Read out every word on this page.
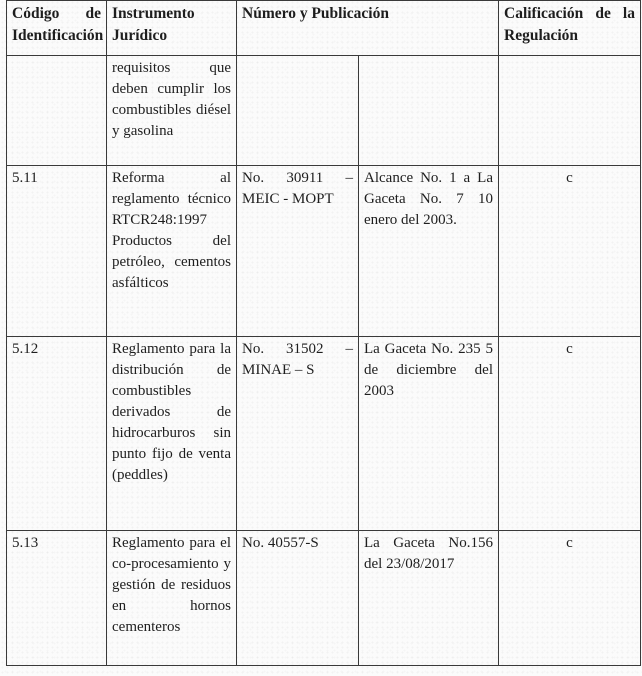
Código de Identificación	Instrumento Jurídico	Número y Publicación		Calificación de la Regulación
	requisitos que deben cumplir los combustibles diésel y gasolina			
5.11	Reforma al reglamento técnico RTCR248:1997 Productos del petróleo, cementos asfálticos	No. 30911 – MEIC - MOPT	Alcance No. 1 a La Gaceta No. 7 10 enero del 2003.	c
5.12	Reglamento para la distribución de combustibles derivados de hidrocarburos sin punto fijo de venta (peddles)	No. 31502 – MINAE – S	La Gaceta No. 235 5 de diciembre del 2003	c
5.13	Reglamento para el co-procesamiento y gestión de residuos en hornos cementeros	No. 40557-S	La Gaceta No.156 del 23/08/2017	c
